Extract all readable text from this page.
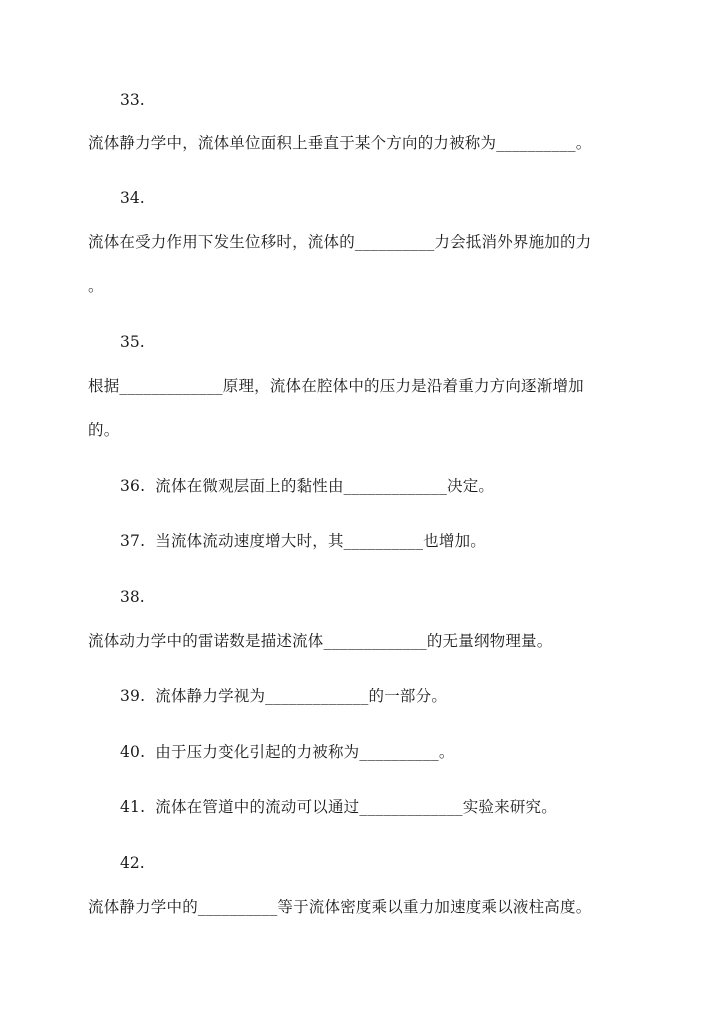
33.
流体静力学中，流体单位面积上垂直于某个方向的力被称为__________。
34.
流体在受力作用下发生位移时，流体的__________力会抵消外界施加的力
。
35.
根据_____________原理，流体在腔体中的压力是沿着重力方向逐渐增加
的。
36. 流体在微观层面上的黏性由_____________决定。
37. 当流体流动速度增大时，其__________也增加。
38.
流体动力学中的雷诺数是描述流体_____________的无量纲物理量。
39. 流体静力学视为_____________的一部分。
40. 由于压力变化引起的力被称为__________。
41. 流体在管道中的流动可以通过_____________实验来研究。
42.
流体静力学中的__________等于流体密度乘以重力加速度乘以液柱高度。
